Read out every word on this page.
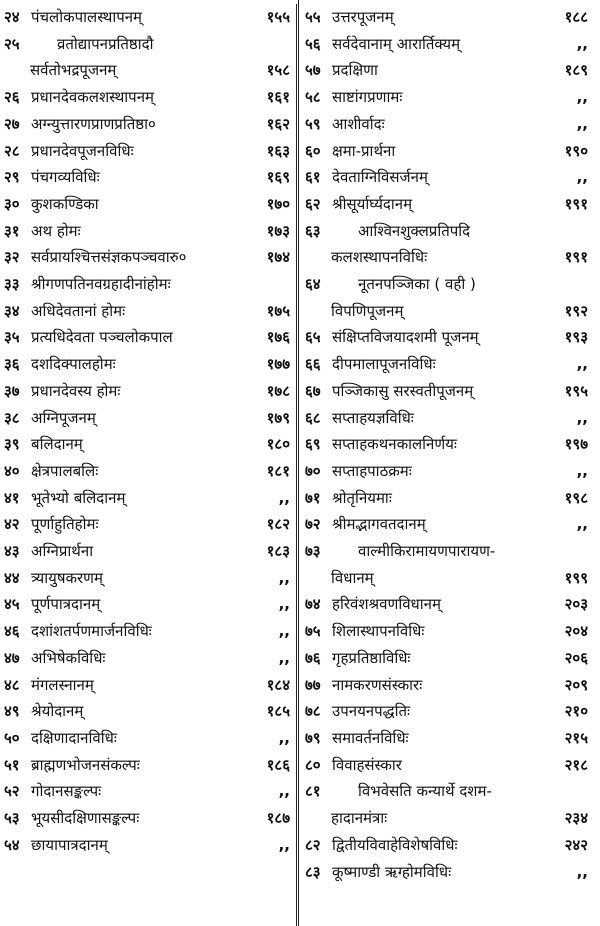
२४ पंचलोकपालस्थापनम्	१५५
२५	व्रतोद्यापनप्रतिष्ठादौ
सर्वतोभद्रपूजनम्	१५८
२६ प्रधानदेवकलशस्थापनम्	१६१
२७ अग्न्युत्तारणप्राणप्रतिष्ठा०	१६२
२८ प्रधानदेवपूजनविधिः	१६३
२९ पंचगव्यविधिः	१६९
३० कुशकण्डिका	१७०
३१ अथ होमः	१७३
३२ सर्वप्रायश्चित्तसंज्ञकपञ्चवारु०	१७४
३३ श्रीगणपतिनवग्रहादीनांहोमः
३४ अधिदेवतानां होमः	१७५
३५ प्रत्यधिदेवता पञ्चलोकपाल	१७६
३६ दशदिक्पालहोमः	१७७
३७ प्रधानदेवस्य होमः	१७८
३८ अग्निपूजनम्	१७९
३९ बलिदानम्	१८०
४० क्षेत्रपालबलिः	१८१
४१ भूतेभ्यो बलिदानम्	,,
४२ पूर्णाहुतिहोमः	१८२
४३ अग्निप्रार्थना	१८३
४४ त्र्यायुषकरणम्	,,
४५ पूर्णपात्रदानम्	,,
४६ दशांशतर्पणमार्जनविधिः	,,
४७ अभिषेकविधिः	,,
४८ मंगलस्नानम्	१८४
४९ श्रेयोदानम्	१८५
५० दक्षिणादानविधिः	,,
५१ ब्राह्मणभोजनसंकल्पः	१८६
५२ गोदानसङ्कल्पः	,,
५३ भूयसीदक्षिणासङ्कल्पः	१८७
५४ छायापात्रदानम्	,,
५५ उत्तरपूजनम्	१८८
५६ सर्वदेवानाम् आरार्तिक्यम्	,,
५७ प्रदक्षिणा	१८९
५८ साष्टांगप्रणामः	,,
५९ आशीर्वादः	,,
६० क्षमा-प्रार्थना	१९०
६१ देवताग्निविसर्जनम्	,,
६२ श्रीसूर्यार्घ्यदानम्	१९१
६३	आश्विनशुक्लप्रतिपदि
कलशस्थापनविधिः	१९१
६४	नूतनपञ्जिका ( वही )
विपणिपूजनम्	१९२
६५ संक्षिप्तविजयादशमी पूजनम्	१९३
६६ दीपमालापूजनविधिः	,,
६७ पञ्जिकासु सरस्वतीपूजनम्	१९५
६८ सप्ताहयज्ञविधिः	,,
६९ सप्ताहकथनकालनिर्णयः	१९७
७० सप्ताहपाठक्रमः	,,
७१ श्रोतृनियमाः	१९८
७२ श्रीमद्भागवतदानम्	,,
७३	वाल्मीकिरामायणपारायण-
विधानम्	१९९
७४ हरिवंशश्रवणविधानम्	२०३
७५ शिलास्थापनविधिः	२०४
७६ गृहप्रतिष्ठाविधिः	२०६
७७ नामकरणसंस्कारः	२०९
७८ उपनयनपद्धतिः	२१०
७९ समावर्तनविधिः	२१५
८० विवाहसंस्कार	२१८
८१	विभवेसति कन्यार्थे दशम-
हादानमंत्राः	२३४
८२ द्वितीयविवाहेविशेषविधिः	२४२
८३ कूष्माण्डी ऋग्होमविधिः	,,
